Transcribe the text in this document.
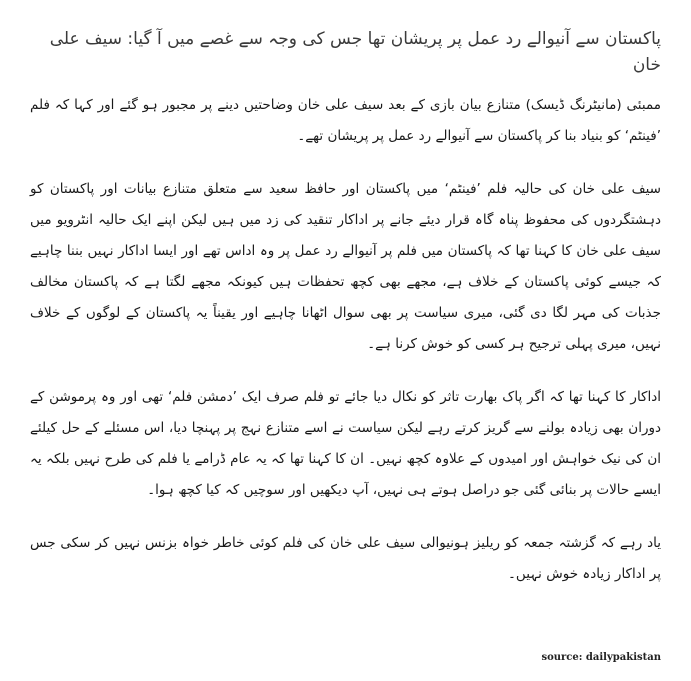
پاکستان سے آنیوالے رد عمل پر پریشان تھا جس کی وجہ سے غصے میں آ گیا: سیف علی خان

ممبئی (مانیٹرنگ ڈیسک) متنازع بیان بازی کے بعد سیف علی خان وضاحتیں دینے پر مجبور ہو گئے اور کہا کہ فلم ’فینٹم‘ کو بنیاد بنا کر پاکستان سے آنیوالے رد عمل پر پریشان تھے۔

سیف علی خان کی حالیہ فلم ’فینٹم‘ میں پاکستان اور حافظ سعید سے متعلق متنازع بیانات اور پاکستان کو دہشتگردوں کی محفوظ پناہ گاہ قرار دیئے جانے پر اداکار تنقید کی زد میں ہیں لیکن اپنے ایک حالیہ انٹرویو میں سیف علی خان کا کہنا تھا کہ پاکستان میں فلم پر آنیوالے رد عمل پر وہ اداس تھے اور ایسا اداکار نہیں بننا چاہیے کہ جیسے کوئی پاکستان کے خلاف ہے، مجھے بھی کچھ تحفظات ہیں کیونکہ مجھے لگتا ہے کہ پاکستان مخالف جذبات کی مہر لگا دی گئی، میری سیاست پر بھی سوال اٹھانا چاہیے اور یقیناً یہ پاکستان کے لوگوں کے خلاف نہیں، میری پہلی ترجیح ہر کسی کو خوش کرنا ہے۔

اداکار کا کہنا تھا کہ اگر پاک بھارت تاثر کو نکال دیا جائے تو فلم صرف ایک ’دمشن فلم‘ تھی اور وہ پرموشن کے دوران بھی زیادہ بولنے سے گریز کرتے رہے لیکن سیاست نے اسے متنازع نہج پر پہنچا دیا، اس مسئلے کے حل کیلئے ان کی نیک خواہش اور امیدوں کے علاوہ کچھ نہیں۔ ان کا کہنا تھا کہ یہ عام ڈرامے یا فلم کی طرح نہیں بلکہ یہ ایسے حالات پر بنائی گئی جو دراصل ہوتے ہی نہیں، آپ دیکھیں اور سوچیں کہ کیا کچھ ہوا۔

یاد رہے کہ گزشتہ جمعہ کو ریلیز ہونیوالی سیف علی خان کی فلم کوئی خاطر خواہ بزنس نہیں کر سکی جس پر اداکار زیادہ خوش نہیں۔

source: dailypakistan
